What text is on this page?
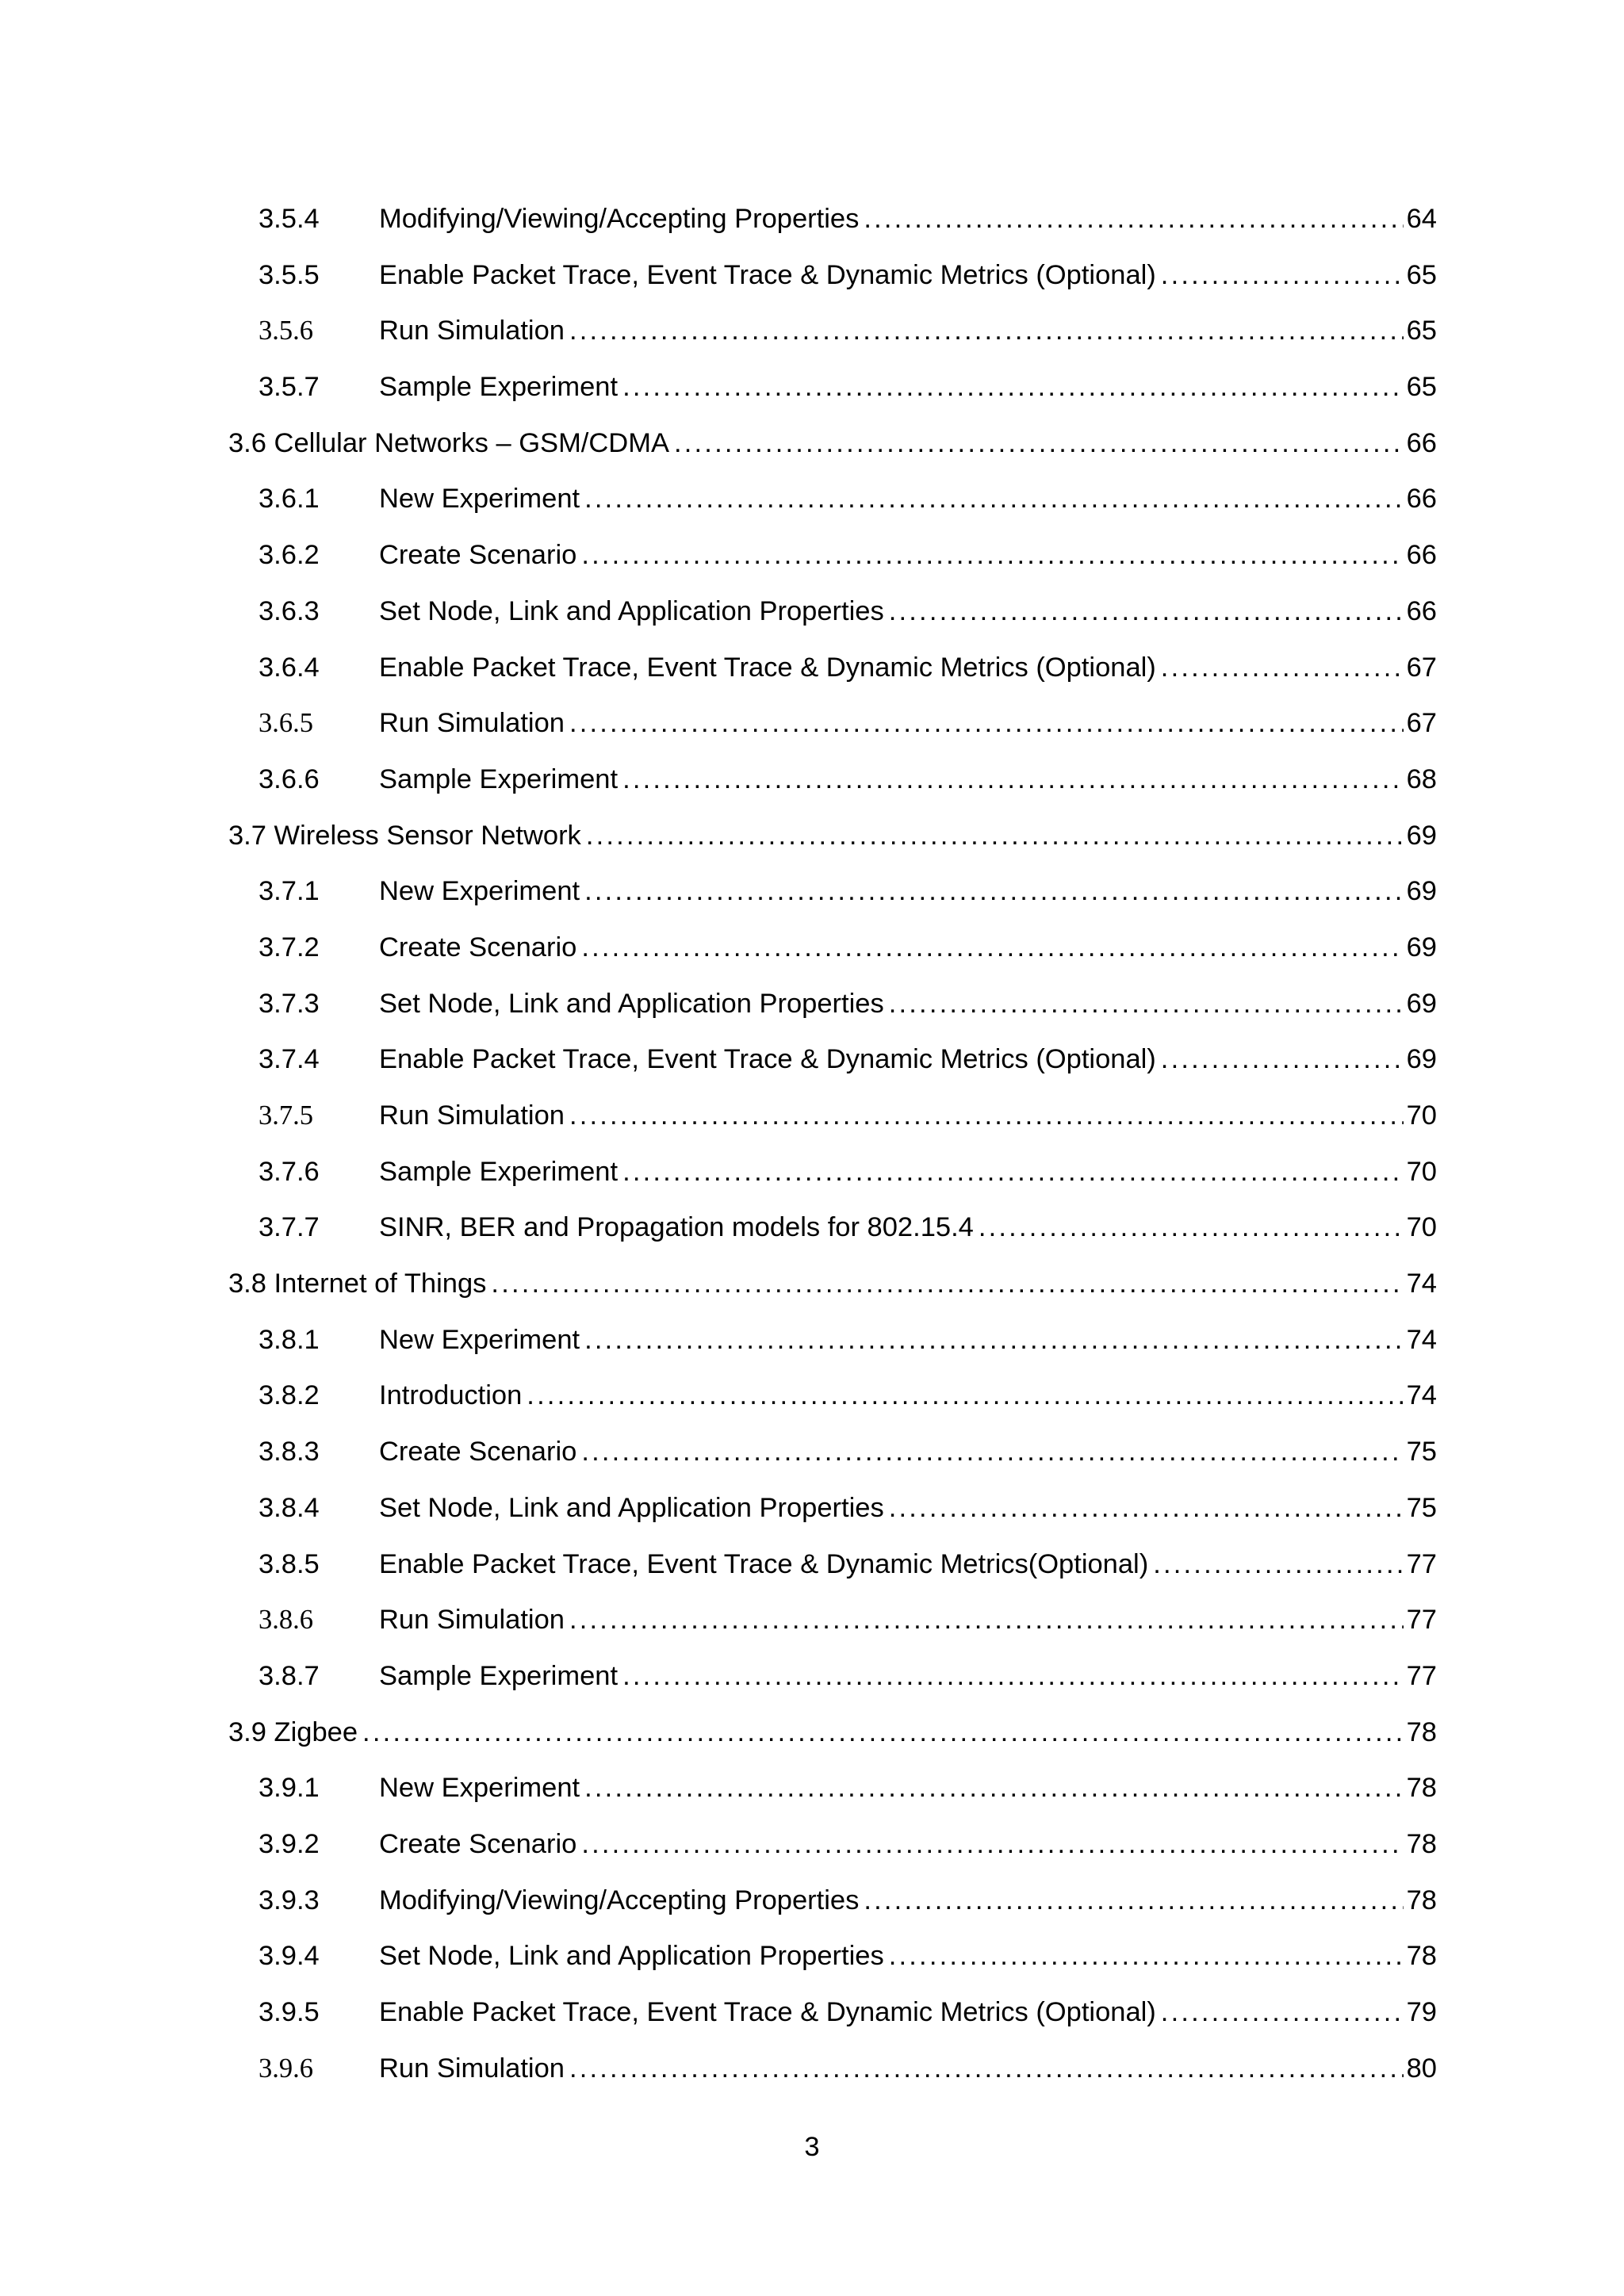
3.5.4	Modifying/Viewing/Accepting Properties . . .	64
3.5.5	Enable Packet Trace, Event Trace & Dynamic Metrics (Optional) . . .	65
3.5.6	Run Simulation . . .	65
3.5.7	Sample Experiment . . .	65
3.6 Cellular Networks – GSM/CDMA . . .	66
3.6.1	New Experiment . . .	66
3.6.2	Create Scenario . . .	66
3.6.3	Set Node, Link and Application Properties . . .	66
3.6.4	Enable Packet Trace, Event Trace & Dynamic Metrics (Optional) . . .	67
3.6.5	Run Simulation . . .	67
3.6.6	Sample Experiment . . .	68
3.7 Wireless Sensor Network . . .	69
3.7.1	New Experiment . . .	69
3.7.2	Create Scenario . . .	69
3.7.3	Set Node, Link and Application Properties . . .	69
3.7.4	Enable Packet Trace, Event Trace & Dynamic Metrics (Optional) . . .	69
3.7.5	Run Simulation . . .	70
3.7.6	Sample Experiment . . .	70
3.7.7	SINR, BER and Propagation models for 802.15.4 . . .	70
3.8 Internet of Things . . .	74
3.8.1	New Experiment . . .	74
3.8.2	Introduction . . .	74
3.8.3	Create Scenario . . .	75
3.8.4	Set Node, Link and Application Properties . . .	75
3.8.5	Enable Packet Trace, Event Trace & Dynamic Metrics(Optional) . . .	77
3.8.6	Run Simulation . . .	77
3.8.7	Sample Experiment . . .	77
3.9 Zigbee . . .	78
3.9.1	New Experiment . . .	78
3.9.2	Create Scenario . . .	78
3.9.3	Modifying/Viewing/Accepting Properties . . .	78
3.9.4	Set Node, Link and Application Properties . . .	78
3.9.5	Enable Packet Trace, Event Trace & Dynamic Metrics (Optional) . . .	79
3.9.6	Run Simulation . . .	80
3
